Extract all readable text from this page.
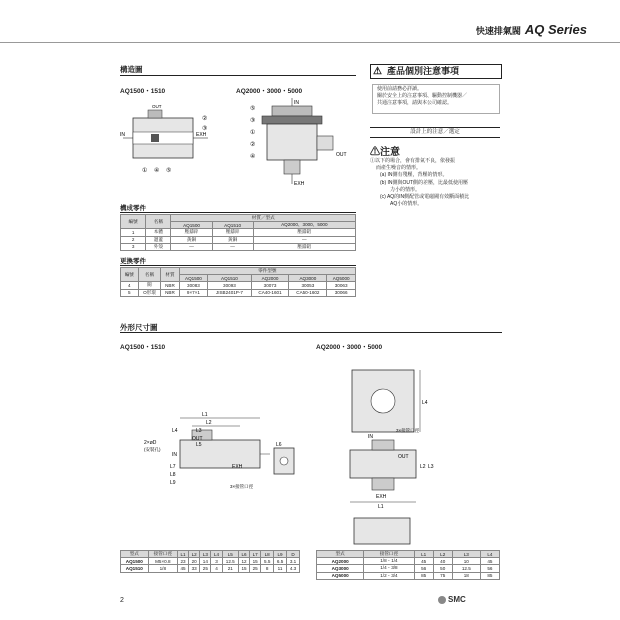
快速排氣閥 AQ Series
構造圖
AQ1500・1510	AQ2000・3000・5000
IN	EXH
OUT
① ④ ⑤
②
③
IN
EXH
OUT
⑤
③
①
②
④
構成零件
編號	名稱	材質／型式		
		AQ1500	AQ1510	AQ2000、3000、5000
1	本體	壓鑄鋅	壓鑄鋅	壓鑄鋁
2	邊蓋	黃銅	黃銅	—
3	外殼	—	—	壓鑄鋁
更換零件
編號	名稱	材質	零件型號				
			AQ1500	AQ1510	AQ2000	AQ3000	AQ5000
4	閥	NBR	30083	30093	30073	30053	30063
5	O形環	NBR	9×7×1	JISB2401P-7	CA40-1601	CA50-1602	30066
⚠ 產品個別注意事項
使用前請務必詳讀。
關於安全上的注意事項、驅動控制機器／
共通注意事項，請與本公司確認。
設計上的注意／選定
⚠注意
①以下的場合，會有排氣不良，依發振
而產生噪音的情形。
(a) IN側有殘壓，背壓的情形。
(b) IN側與OUT側的差壓，比最低使用壓
力小的情形。
(c) AQ的IN側配管或電磁閥有效斷面積比
AQ小的情形。
外形尺寸圖
AQ1500・1510	AQ2000・3000・5000
L1
L2
L3
L4
L5
L7
L8
L9
2×øD
(安裝孔)
IN
OUT
EXH
3×接管口徑
L6
L4
L1
L2 L3
IN
EXH
OUT
3×接管口徑
型式	接管口徑	L1	L2	L3	L4	L5	L6	L7	L8	L9	D
AQ1500	M5×0.8	23	20	14	3	12.5	12	15	5.5	6.5	3.1
AQ1510	1/8	45	33	25	4	21	15	25	8	11	4.3
型式	接管口徑	L1	L2	L3	L4
AQ2000	1/8・1/4	45	40	10	45
AQ3000	1/4・3/8	56	50	12.5	56
AQ5000	1/2・3/4	85	75	18	85
2	SMC
